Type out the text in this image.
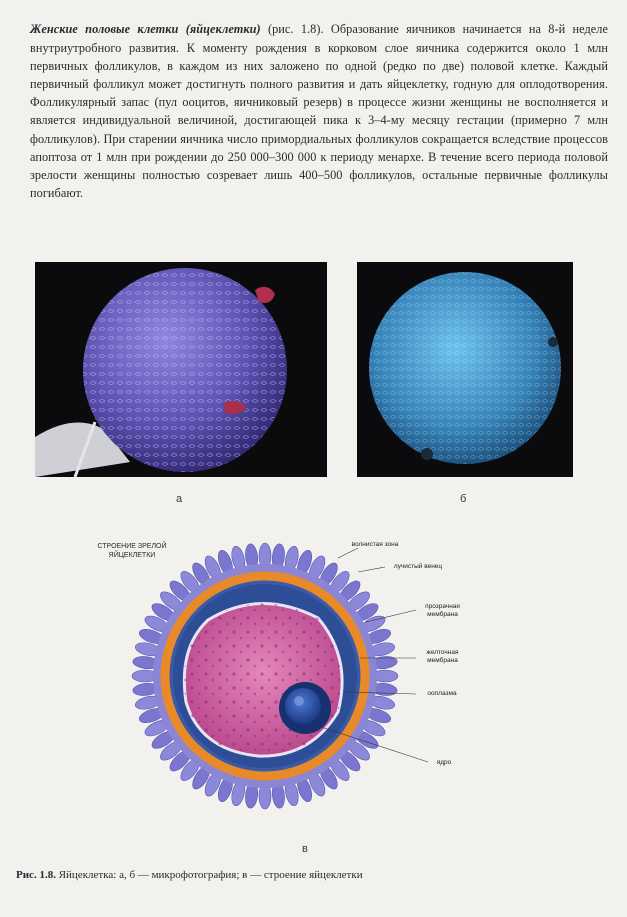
Женские половые клетки (яйцеклетки) (рис. 1.8). Образование яичников начинается на 8-й неделе внутриутробного развития. К моменту рождения в корковом слое яичника содержится около 1 млн первичных фолликулов, в каждом из них заложено по одной (редко по две) половой клетке. Каждый первичный фолликул может достигнуть полного развития и дать яйцеклетку, годную для оплодотворения. Фолликулярный запас (пул ооцитов, яичниковый резерв) в процессе жизни женщины не восполняется и является индивидуальной величиной, достигающей пика к 3–4-му месяцу гестации (примерно 7 млн фолликулов). При старении яичника число примордиальных фолликулов сокращается вследствие процессов апоптоза от 1 млн при рождении до 250 000–300 000 к периоду менархе. В течение всего периода половой зрелости женщины полностью созревает лишь 400–500 фолликулов, остальные первичные фолликулы погибают.

а	б
СТРОЕНИЕ ЗРЕЛОЙ ЯЙЦЕКЛЕТКИ
волнистая зона
лучистый венец
прозрачная мембрана
желточная мембрана
ооплазма
ядро
в
Рис. 1.8. Яйцеклетка: а, б — микрофотография; в — строение яйцеклетки
